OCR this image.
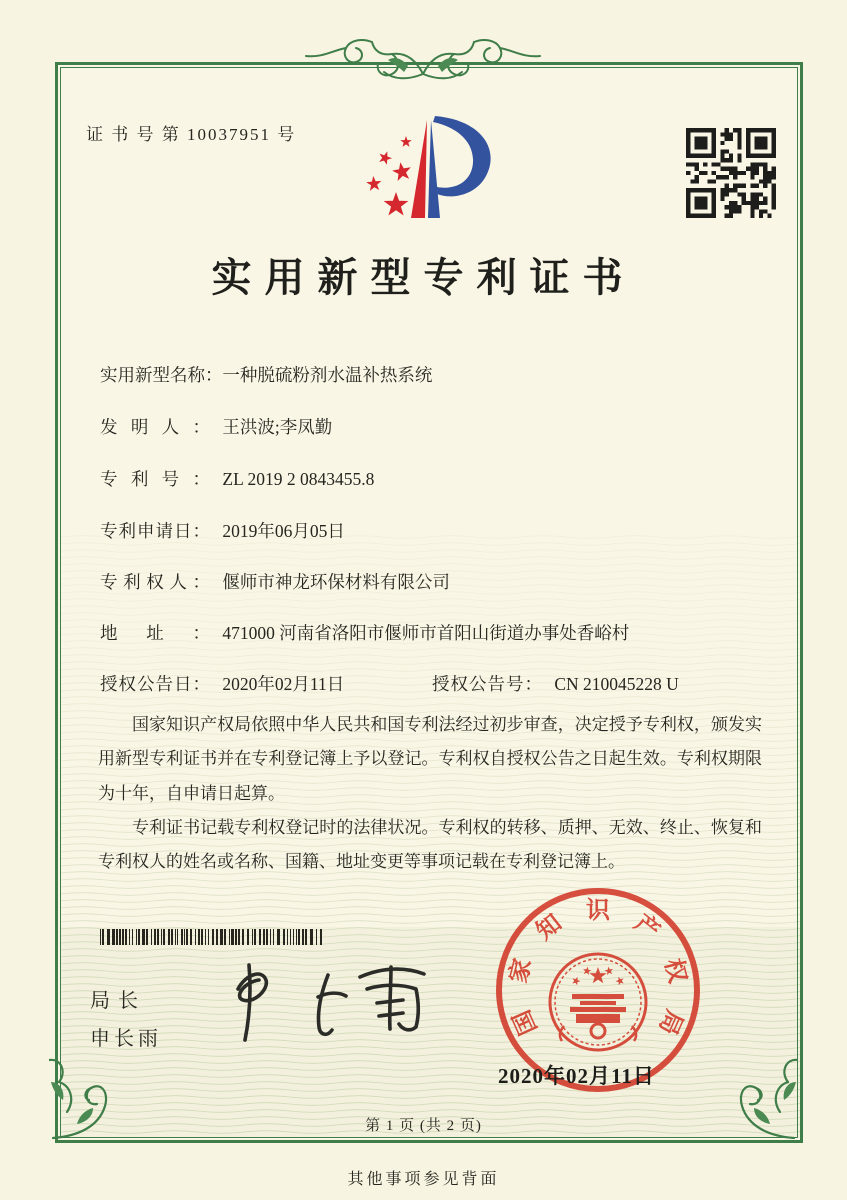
证 书 号 第 10037951 号
实用新型专利证书
实用新型名称： 一种脱硫粉剂水温补热系统
发明人： 王洪波;李凤勤
专利号： ZL 2019 2 0843455.8
专利申请日： 2019年06月05日
专利权人： 偃师市神龙环保材料有限公司
地址： 471000 河南省洛阳市偃师市首阳山街道办事处香峪村
授权公告日： 2020年02月11日	授权公告号： CN 210045228 U

国家知识产权局依照中华人民共和国专利法经过初步审查，决定授予专利权，颁发实用新型专利证书并在专利登记簿上予以登记。专利权自授权公告之日起生效。专利权期限为十年，自申请日起算。

专利证书记载专利权登记时的法律状况。专利权的转移、质押、无效、终止、恢复和专利权人的姓名或名称、国籍、地址变更等事项记载在专利登记簿上。

局长
申长雨
国
家
知 识 产
权
局
2020年02月11日
第 1 页 (共 2 页)
其他事项参见背面
